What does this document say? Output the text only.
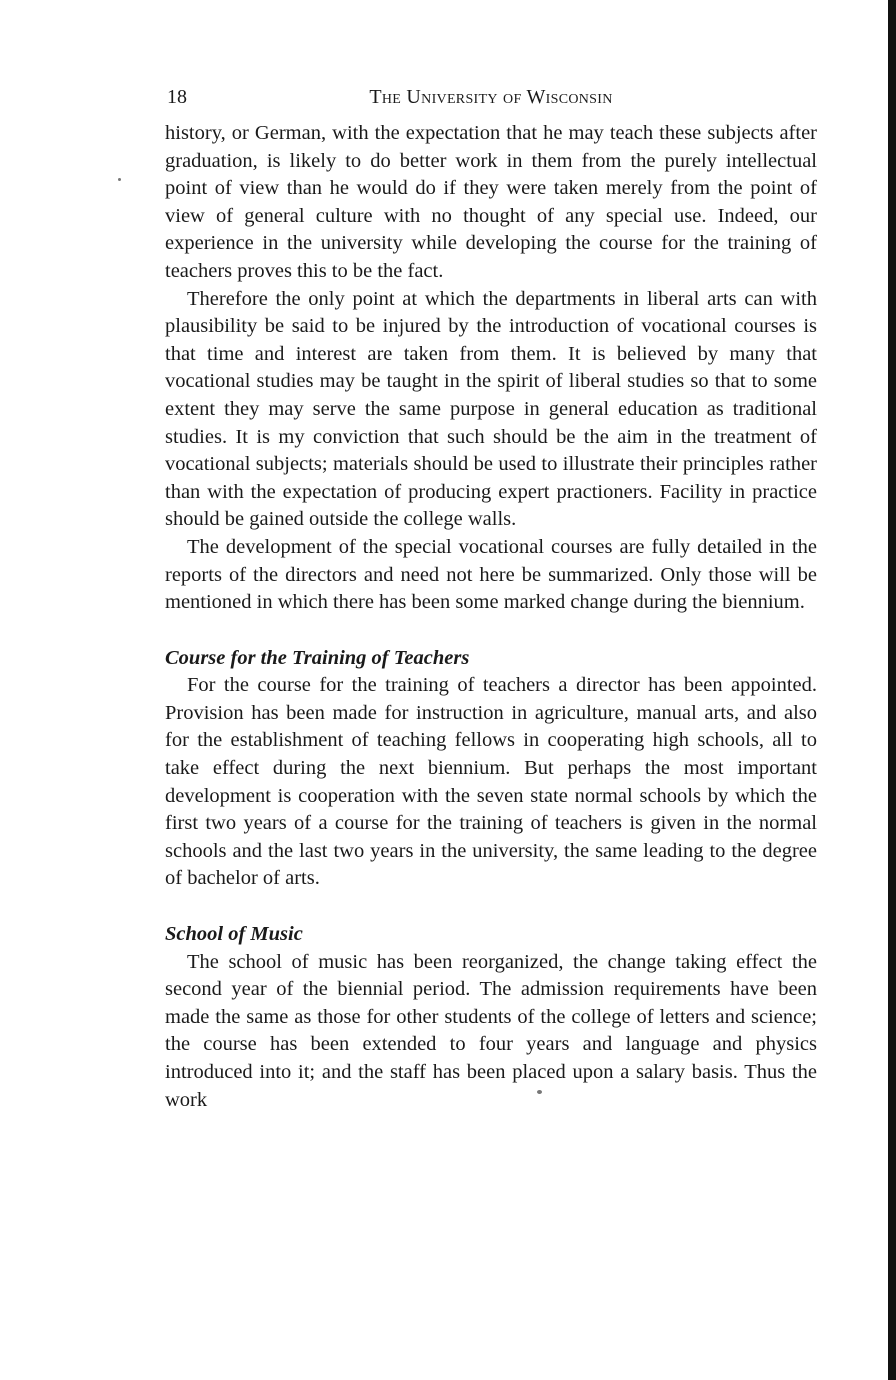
18	The University of Wisconsin

history, or German, with the expectation that he may teach these subjects after graduation, is likely to do better work in them from the purely intellectual point of view than he would do if they were taken merely from the point of view of general culture with no thought of any special use. Indeed, our experience in the university while developing the course for the training of teachers proves this to be the fact.

Therefore the only point at which the departments in liberal arts can with plausibility be said to be injured by the introduction of vocational courses is that time and interest are taken from them. It is believed by many that vocational studies may be taught in the spirit of liberal studies so that to some extent they may serve the same purpose in general education as traditional studies. It is my conviction that such should be the aim in the treatment of vocational subjects; materials should be used to illustrate their principles rather than with the expectation of producing expert practioners. Facility in practice should be gained outside the college walls.

The development of the special vocational courses are fully detailed in the reports of the directors and need not here be summarized. Only those will be mentioned in which there has been some marked change during the biennium.

Course for the Training of Teachers

For the course for the training of teachers a director has been appointed. Provision has been made for instruction in agriculture, manual arts, and also for the establishment of teaching fellows in cooperating high schools, all to take effect during the next biennium. But perhaps the most important development is cooperation with the seven state normal schools by which the first two years of a course for the training of teachers is given in the normal schools and the last two years in the university, the same leading to the degree of bachelor of arts.

School of Music

The school of music has been reorganized, the change taking effect the second year of the biennial period. The admission requirements have been made the same as those for other students of the college of letters and science; the course has been extended to four years and language and physics introduced into it; and the staff has been placed upon a salary basis. Thus the work
